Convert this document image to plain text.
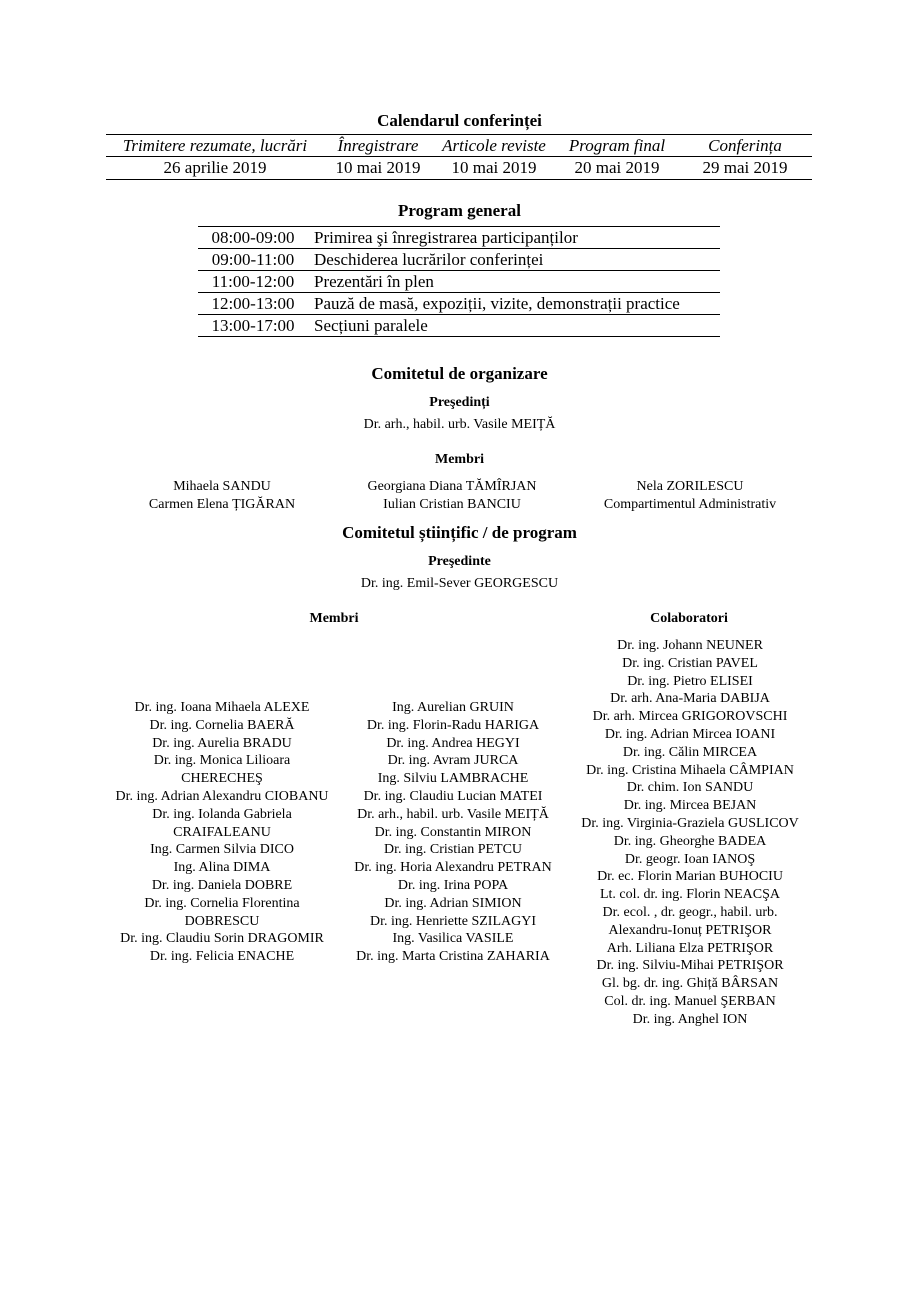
Calendarul conferinței
Trimitere rezumate, lucrări	Înregistrare	Articole reviste	Program final	Conferința
26 aprilie 2019	10 mai 2019	10 mai 2019	20 mai 2019	29 mai 2019
Program general
08:00-09:00	Primirea şi înregistrarea participanților
09:00-11:00	Deschiderea lucrărilor conferinței
11:00-12:00	Prezentări în plen
12:00-13:00	Pauză de masă, expoziții, vizite, demonstrații practice
13:00-17:00	Secțiuni paralele
Comitetul de organizare
Preşedinți
Dr. arh., habil. urb. Vasile MEIȚĂ
Membri
Mihaela SANDU
Carmen Elena ȚIGĂRAN
Georgiana Diana TĂMÎRJAN
Iulian Cristian BANCIU
Nela ZORILESCU
Compartimentul Administrativ
Comitetul științific / de program
Preşedinte
Dr. ing. Emil-Sever GEORGESCU
Membri	Colaboratori
Dr. ing. Ioana Mihaela ALEXE
Dr. ing. Cornelia BAERĂ
Dr. ing. Aurelia BRADU
Dr. ing. Monica Lilioara
CHERECHEŞ
Dr. ing. Adrian Alexandru CIOBANU
Dr. ing. Iolanda Gabriela
CRAIFALEANU
Ing. Carmen Silvia DICO
Ing. Alina DIMA
Dr. ing. Daniela DOBRE
Dr. ing. Cornelia Florentina
DOBRESCU
Dr. ing. Claudiu Sorin DRAGOMIR
Dr. ing. Felicia ENACHE
Ing. Aurelian GRUIN
Dr. ing. Florin-Radu HARIGA
Dr. ing. Andrea HEGYI
Dr. ing. Avram JURCA
Ing. Silviu LAMBRACHE
Dr. ing. Claudiu Lucian MATEI
Dr. arh., habil. urb. Vasile MEIȚĂ
Dr. ing. Constantin MIRON
Dr. ing. Cristian PETCU
Dr. ing. Horia Alexandru PETRAN
Dr. ing. Irina POPA
Dr. ing. Adrian SIMION
Dr. ing. Henriette SZILAGYI
Ing. Vasilica VASILE
Dr. ing. Marta Cristina ZAHARIA
Dr. ing. Johann NEUNER
Dr. ing. Cristian PAVEL
Dr. ing. Pietro ELISEI
Dr. arh. Ana-Maria DABIJA
Dr. arh. Mircea GRIGOROVSCHI
Dr. ing. Adrian Mircea IOANI
Dr. ing. Călin MIRCEA
Dr. ing. Cristina Mihaela CÂMPIAN
Dr. chim. Ion SANDU
Dr. ing. Mircea BEJAN
Dr. ing. Virginia-Graziela GUSLICOV
Dr. ing. Gheorghe BADEA
Dr. geogr. Ioan IANOŞ
Dr. ec. Florin Marian BUHOCIU
Lt. col. dr. ing. Florin NEACŞA
Dr. ecol. , dr. geogr., habil. urb.
Alexandru-Ionuț PETRIŞOR
Arh. Liliana Elza PETRIŞOR
Dr. ing. Silviu-Mihai PETRIŞOR
Gl. bg. dr. ing. Ghiță BÂRSAN
Col. dr. ing. Manuel ŞERBAN
Dr. ing. Anghel ION
